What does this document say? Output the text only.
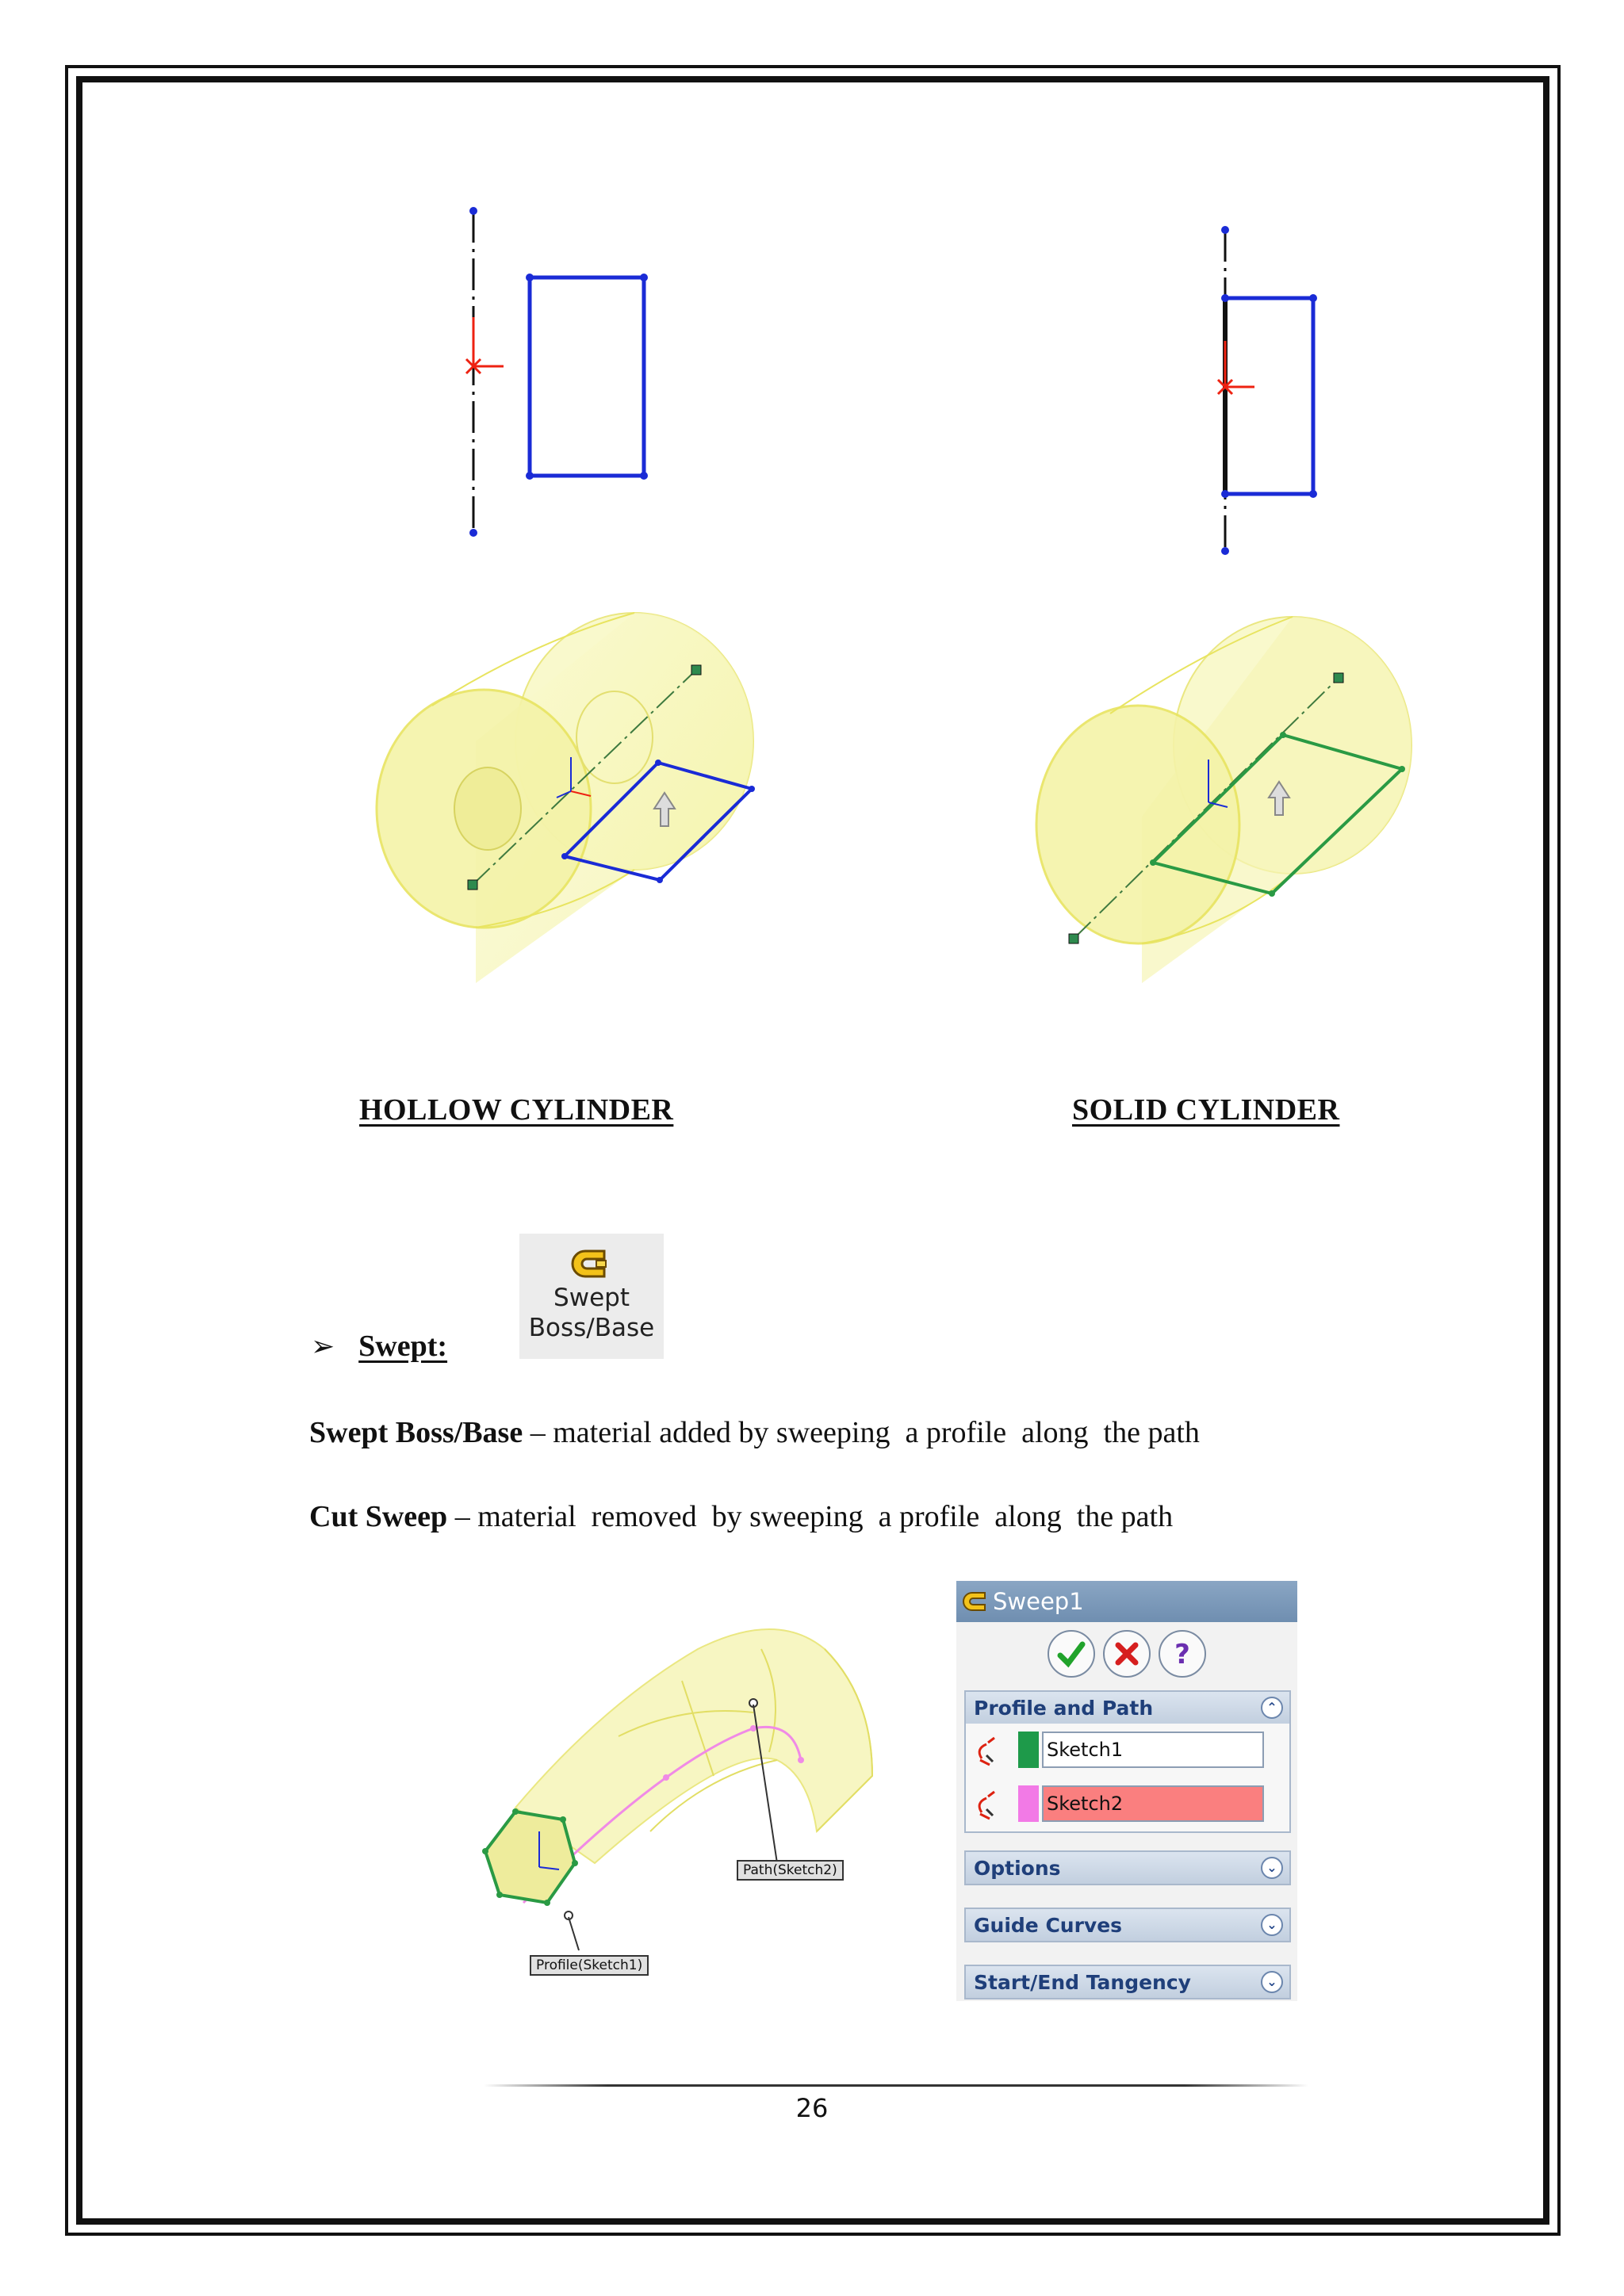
HOLLOW CYLINDER	SOLID CYLINDER
Swept
Boss/Base
➢ Swept:
Swept Boss/Base – material added by sweeping  a profile  along  the path
Cut Sweep – material  removed  by sweeping  a profile  along  the path
Path(Sketch2)
Profile(Sketch1)
Sweep1
?
Profile and Path	⌃
Sketch1
Sketch2
Options	⌄
Guide Curves	⌄
Start/End Tangency	⌄
26
